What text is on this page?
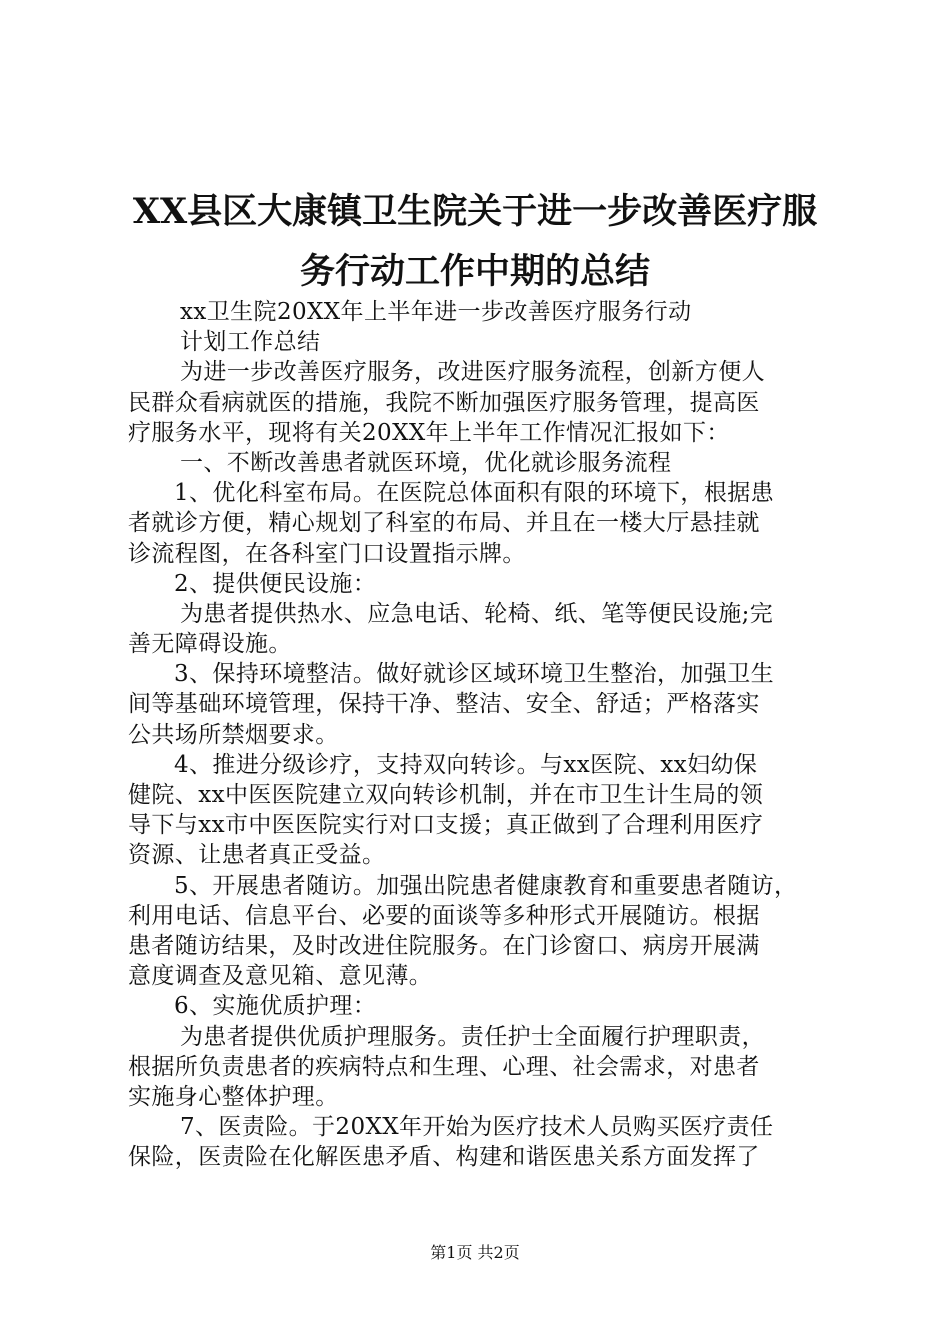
XX县区大康镇卫生院关于进一步改善医疗服
务行动工作中期的总结
xx卫生院20XX年上半年进一步改善医疗服务行动
计划工作总结
为进一步改善医疗服务，改进医疗服务流程，创新方便人
民群众看病就医的措施，我院不断加强医疗服务管理，提高医
疗服务水平，现将有关20XX年上半年工作情况汇报如下：
一、不断改善患者就医环境，优化就诊服务流程
1、优化科室布局。在医院总体面积有限的环境下，根据患
者就诊方便，精心规划了科室的布局、并且在一楼大厅悬挂就
诊流程图，在各科室门口设置指示牌。
2、提供便民设施：
为患者提供热水、应急电话、轮椅、纸、笔等便民设施;完
善无障碍设施。
3、保持环境整洁。做好就诊区域环境卫生整治，加强卫生
间等基础环境管理，保持干净、整洁、安全、舒适；严格落实
公共场所禁烟要求。
4、推进分级诊疗，支持双向转诊。与xx医院、xx妇幼保
健院、xx中医医院建立双向转诊机制，并在市卫生计生局的领
导下与xx市中医医院实行对口支援；真正做到了合理利用医疗
资源、让患者真正受益。
5、开展患者随访。加强出院患者健康教育和重要患者随访，
利用电话、信息平台、必要的面谈等多种形式开展随访。根据
患者随访结果，及时改进住院服务。在门诊窗口、病房开展满
意度调查及意见箱、意见薄。
6、实施优质护理：
为患者提供优质护理服务。责任护士全面履行护理职责，
根据所负责患者的疾病特点和生理、心理、社会需求，对患者
实施身心整体护理。
7、医责险。于20XX年开始为医疗技术人员购买医疗责任
保险，医责险在化解医患矛盾、构建和谐医患关系方面发挥了
第1页 共2页
